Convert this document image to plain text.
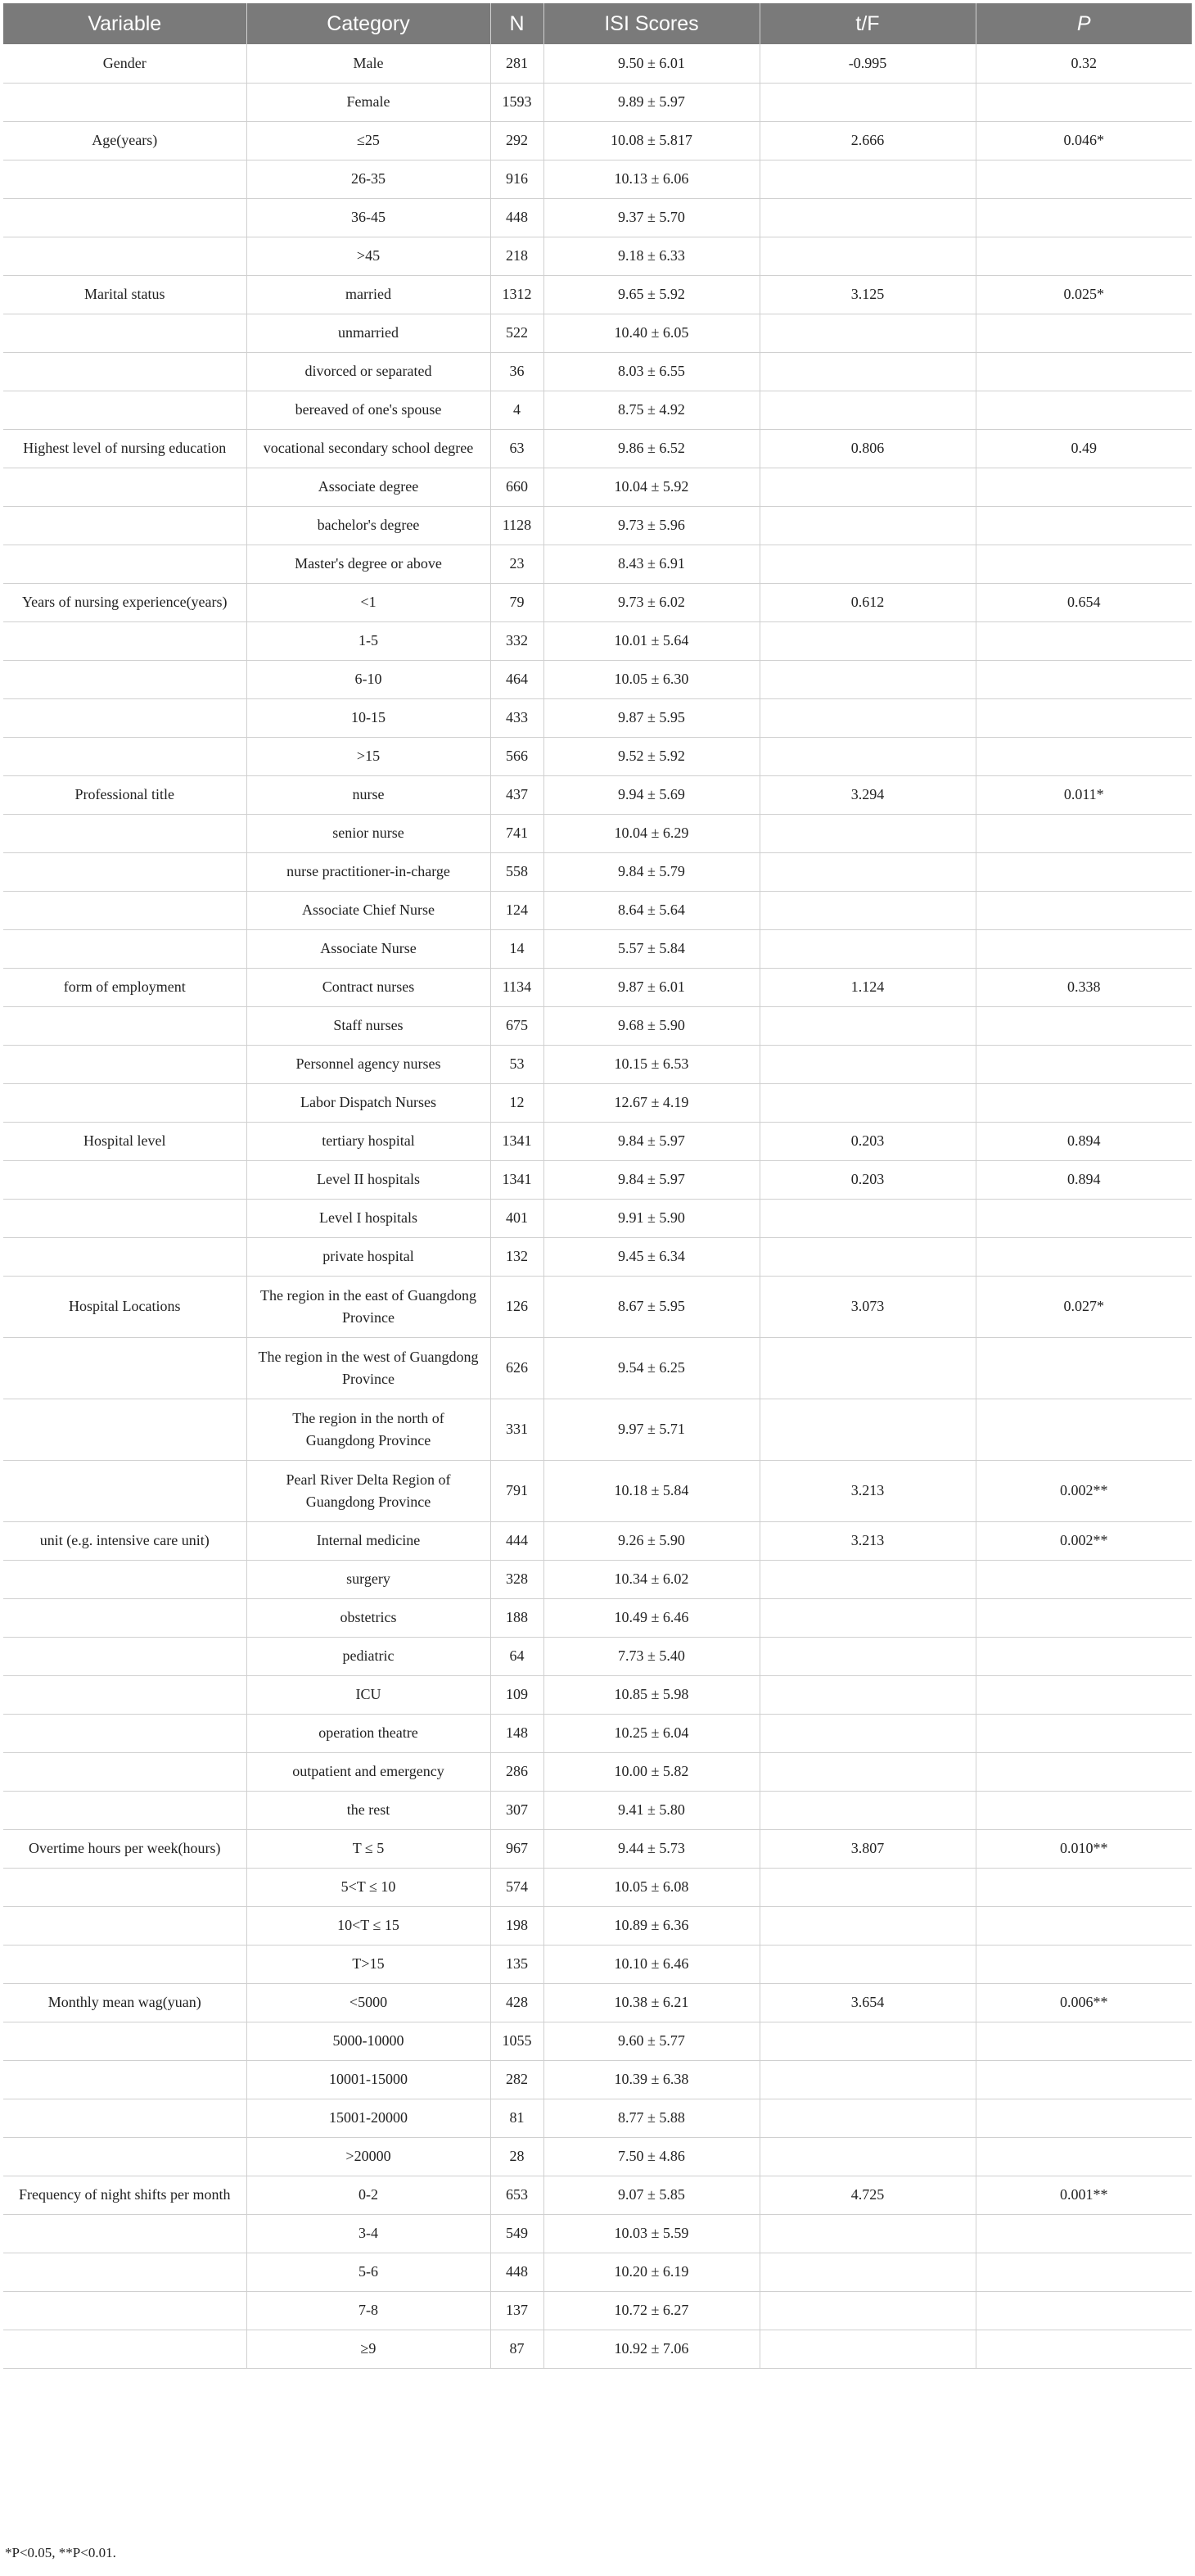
Variable	Category	N	ISI Scores	t/F	P
Gender	Male	281	9.50 ± 6.01	-0.995	0.32
	Female	1593	9.89 ± 5.97		
Age(years)	≤25	292	10.08 ± 5.817	2.666	0.046*
	26-35	916	10.13 ± 6.06		
	36-45	448	9.37 ± 5.70		
	>45	218	9.18 ± 6.33		
Marital status	married	1312	9.65 ± 5.92	3.125	0.025*
	unmarried	522	10.40 ± 6.05		
	divorced or separated	36	8.03 ± 6.55		
	bereaved of one's spouse	4	8.75 ± 4.92		
Highest level of nursing education	vocational secondary school degree	63	9.86 ± 6.52	0.806	0.49
	Associate degree	660	10.04 ± 5.92		
	bachelor's degree	1128	9.73 ± 5.96		
	Master's degree or above	23	8.43 ± 6.91		
Years of nursing experience(years)	<1	79	9.73 ± 6.02	0.612	0.654
	1-5	332	10.01 ± 5.64		
	6-10	464	10.05 ± 6.30		
	10-15	433	9.87 ± 5.95		
	>15	566	9.52 ± 5.92		
Professional title	nurse	437	9.94 ± 5.69	3.294	0.011*
	senior nurse	741	10.04 ± 6.29		
	nurse practitioner-in-charge	558	9.84 ± 5.79		
	Associate Chief Nurse	124	8.64 ± 5.64		
	Associate Nurse	14	5.57 ± 5.84		
form of employment	Contract nurses	1134	9.87 ± 6.01	1.124	0.338
	Staff nurses	675	9.68 ± 5.90		
	Personnel agency nurses	53	10.15 ± 6.53		
	Labor Dispatch Nurses	12	12.67 ± 4.19		
Hospital level	tertiary hospital	1341	9.84 ± 5.97	0.203	0.894
	Level II hospitals	1341	9.84 ± 5.97	0.203	0.894
	Level I hospitals	401	9.91 ± 5.90		
	private hospital	132	9.45 ± 6.34		
Hospital Locations	The region in the east of Guangdong Province	126	8.67 ± 5.95	3.073	0.027*
	The region in the west of Guangdong Province	626	9.54 ± 6.25		
	The region in the north of Guangdong Province	331	9.97 ± 5.71		
	Pearl River Delta Region of Guangdong Province	791	10.18 ± 5.84	3.213	0.002**
unit (e.g. intensive care unit)	Internal medicine	444	9.26 ± 5.90	3.213	0.002**
	surgery	328	10.34 ± 6.02		
	obstetrics	188	10.49 ± 6.46		
	pediatric	64	7.73 ± 5.40		
	ICU	109	10.85 ± 5.98		
	operation theatre	148	10.25 ± 6.04		
	outpatient and emergency	286	10.00 ± 5.82		
	the rest	307	9.41 ± 5.80		
Overtime hours per week(hours)	T ≤ 5	967	9.44 ± 5.73	3.807	0.010**
	5<T ≤ 10	574	10.05 ± 6.08		
	10<T ≤ 15	198	10.89 ± 6.36		
	T>15	135	10.10 ± 6.46		
Monthly mean wag(yuan)	<5000	428	10.38 ± 6.21	3.654	0.006**
	5000-10000	1055	9.60 ± 5.77		
	10001-15000	282	10.39 ± 6.38		
	15001-20000	81	8.77 ± 5.88		
	>20000	28	7.50 ± 4.86		
Frequency of night shifts per month	0-2	653	9.07 ± 5.85	4.725	0.001**
	3-4	549	10.03 ± 5.59		
	5-6	448	10.20 ± 6.19		
	7-8	137	10.72 ± 6.27		
	≥9	87	10.92 ± 7.06		
*P<0.05, **P<0.01.
